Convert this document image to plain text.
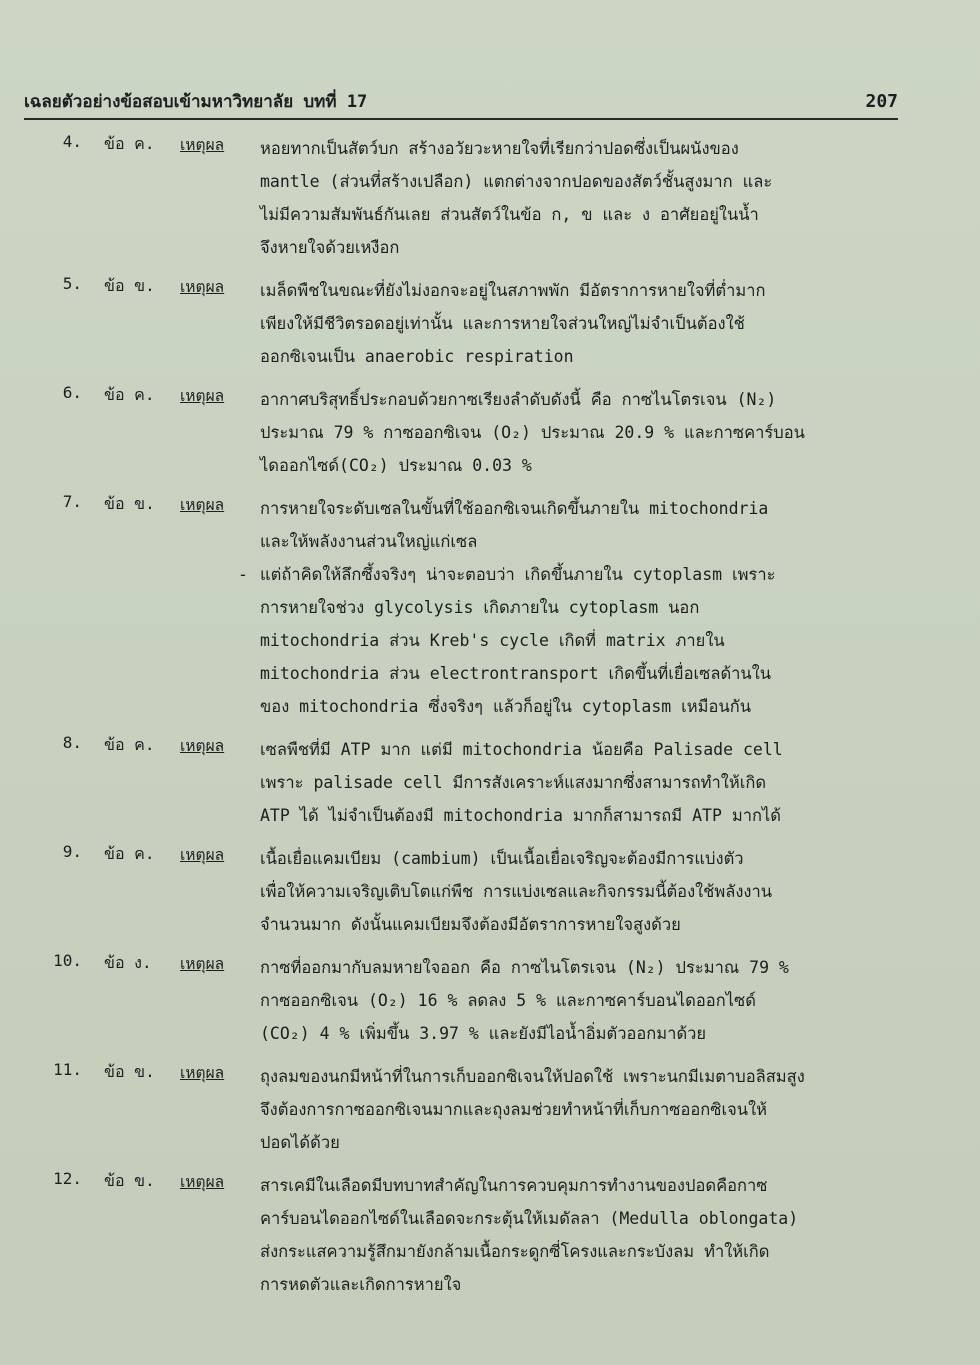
เฉลยตัวอย่างข้อสอบเข้ามหาวิทยาลัย บทที่ 17	207
4. ข้อ ค. เหตุผล หอยทากเป็นสัตว์บก สร้างอวัยวะหายใจที่เรียกว่าปอดซึ่งเป็นผนังของ

mantle (ส่วนที่สร้างเปลือก) แตกต่างจากปอดของสัตว์ชั้นสูงมาก และ

ไม่มีความสัมพันธ์กันเลย ส่วนสัตว์ในข้อ ก, ข และ ง อาศัยอยู่ในน้ำ

จึงหายใจด้วยเหงือก

5. ข้อ ข. เหตุผล เมล็ดพืชในขณะที่ยังไม่งอกจะอยู่ในสภาพพัก มีอัตราการหายใจที่ต่ำมาก

เพียงให้มีชีวิตรอดอยู่เท่านั้น และการหายใจส่วนใหญ่ไม่จำเป็นต้องใช้

ออกซิเจนเป็น anaerobic respiration

6. ข้อ ค. เหตุผล อากาศบริสุทธิ์ประกอบด้วยกาซเรียงลำดับดังนี้ คือ กาซไนโตรเจน (N₂)

ประมาณ 79 % กาซออกซิเจน (O₂) ประมาณ 20.9 % และกาซคาร์บอน

ไดออกไซด์(CO₂) ประมาณ 0.03 %

7. ข้อ ข. เหตุผล การหายใจระดับเซลในขั้นที่ใช้ออกซิเจนเกิดขึ้นภายใน mitochondria

และให้พลังงานส่วนใหญ่แก่เซล

- แต่ถ้าคิดให้ลึกซึ้งจริงๆ น่าจะตอบว่า เกิดขึ้นภายใน cytoplasm เพราะ

การหายใจช่วง glycolysis เกิดภายใน cytoplasm นอก

mitochondria ส่วน Kreb's cycle เกิดที่ matrix ภายใน

mitochondria ส่วน electrontransport เกิดขึ้นที่เยื่อเซลด้านใน

ของ mitochondria ซึ่งจริงๆ แล้วก็อยู่ใน cytoplasm เหมือนกัน

8. ข้อ ค. เหตุผล เซลพืชที่มี ATP มาก แต่มี mitochondria น้อยคือ Palisade cell

เพราะ palisade cell มีการสังเคราะห์แสงมากซึ่งสามารถทำให้เกิด

ATP ได้ ไม่จำเป็นต้องมี mitochondria มากก็สามารถมี ATP มากได้

9. ข้อ ค. เหตุผล เนื้อเยื่อแคมเบียม (cambium) เป็นเนื้อเยื่อเจริญจะต้องมีการแบ่งตัว

เพื่อให้ความเจริญเติบโตแก่พืช การแบ่งเซลและกิจกรรมนี้ต้องใช้พลังงาน

จำนวนมาก ดังนั้นแคมเบียมจึงต้องมีอัตราการหายใจสูงด้วย

10. ข้อ ง. เหตุผล กาซที่ออกมากับลมหายใจออก คือ กาซไนโตรเจน (N₂) ประมาณ 79 %

กาซออกซิเจน (O₂) 16 % ลดลง 5 % และกาซคาร์บอนไดออกไซด์

(CO₂) 4 % เพิ่มขึ้น 3.97 % และยังมีไอน้ำอิ่มตัวออกมาด้วย

11. ข้อ ข. เหตุผล ถุงลมของนกมีหน้าที่ในการเก็บออกซิเจนให้ปอดใช้ เพราะนกมีเมตาบอลิสมสูง

จึงต้องการกาซออกซิเจนมากและถุงลมช่วยทำหน้าที่เก็บกาซออกซิเจนให้

ปอดได้ด้วย

12. ข้อ ข. เหตุผล สารเคมีในเลือดมีบทบาทสำคัญในการควบคุมการทำงานของปอดคือกาซ

คาร์บอนไดออกไซด์ในเลือดจะกระตุ้นให้เมดัลลา (Medulla oblongata)

ส่งกระแสความรู้สึกมายังกล้ามเนื้อกระดูกซี่โครงและกระบังลม ทำให้เกิด

การหดตัวและเกิดการหายใจ
